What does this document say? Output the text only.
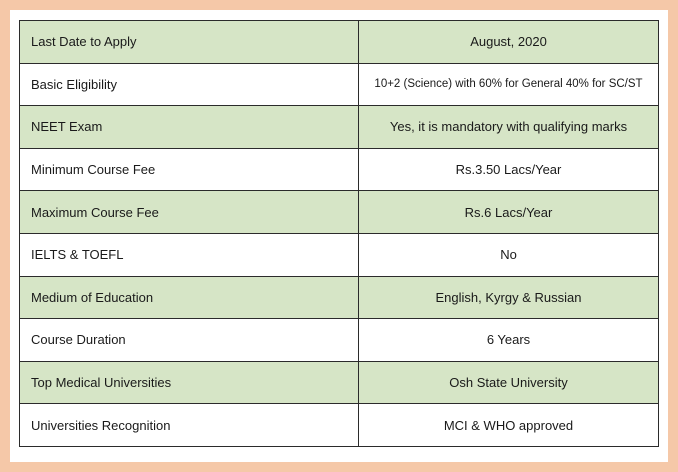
Last Date to Apply	August, 2020
Basic Eligibility	10+2 (Science) with 60% for General 40% for SC/ST
NEET Exam	Yes, it is mandatory with qualifying marks
Minimum Course Fee	Rs.3.50 Lacs/Year
Maximum Course Fee	Rs.6 Lacs/Year
IELTS & TOEFL	No
Medium of Education	English, Kyrgy & Russian
Course Duration	6 Years
Top Medical Universities	Osh State University
Universities Recognition	MCI & WHO approved
